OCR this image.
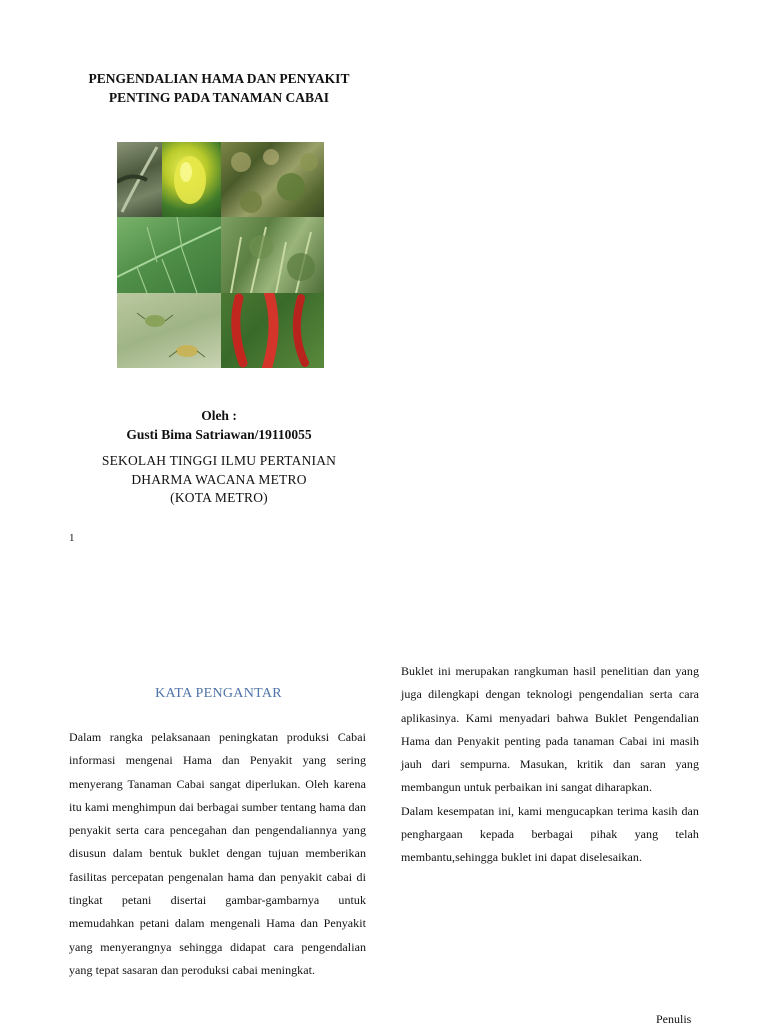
PENGENDALIAN HAMA DAN PENYAKIT
PENTING PADA TANAMAN CABAI
Oleh :
Gusti Bima Satriawan/19110055
SEKOLAH TINGGI ILMU PERTANIAN
DHARMA WACANA METRO
(KOTA METRO)
1
KATA PENGANTAR

Dalam rangka pelaksanaan peningkatan produksi Cabai informasi mengenai Hama dan Penyakit yang sering menyerang Tanaman Cabai sangat diperlukan. Oleh karena itu kami menghimpun dai berbagai sumber tentang hama dan penyakit serta cara pencegahan dan pengendaliannya yang disusun dalam bentuk buklet dengan tujuan memberikan fasilitas percepatan pengenalan hama dan penyakit cabai di tingkat petani disertai gambar-gambarnya untuk memudahkan petani dalam mengenali Hama dan Penyakit yang menyerangnya sehingga didapat cara pengendalian yang tepat sasaran dan peroduksi cabai meningkat.

Buklet ini merupakan rangkuman hasil penelitian dan yang juga dilengkapi dengan teknologi pengendalian serta cara aplikasinya. Kami menyadari bahwa Buklet Pengendalian Hama dan Penyakit penting pada tanaman Cabai ini masih jauh dari sempurna. Masukan, kritik dan saran yang membangun untuk perbaikan ini sangat diharapkan.

Dalam kesempatan ini, kami mengucapkan terima kasih dan penghargaan kepada berbagai pihak yang telah membantu,sehingga buklet ini dapat diselesaikan.

Penulis
